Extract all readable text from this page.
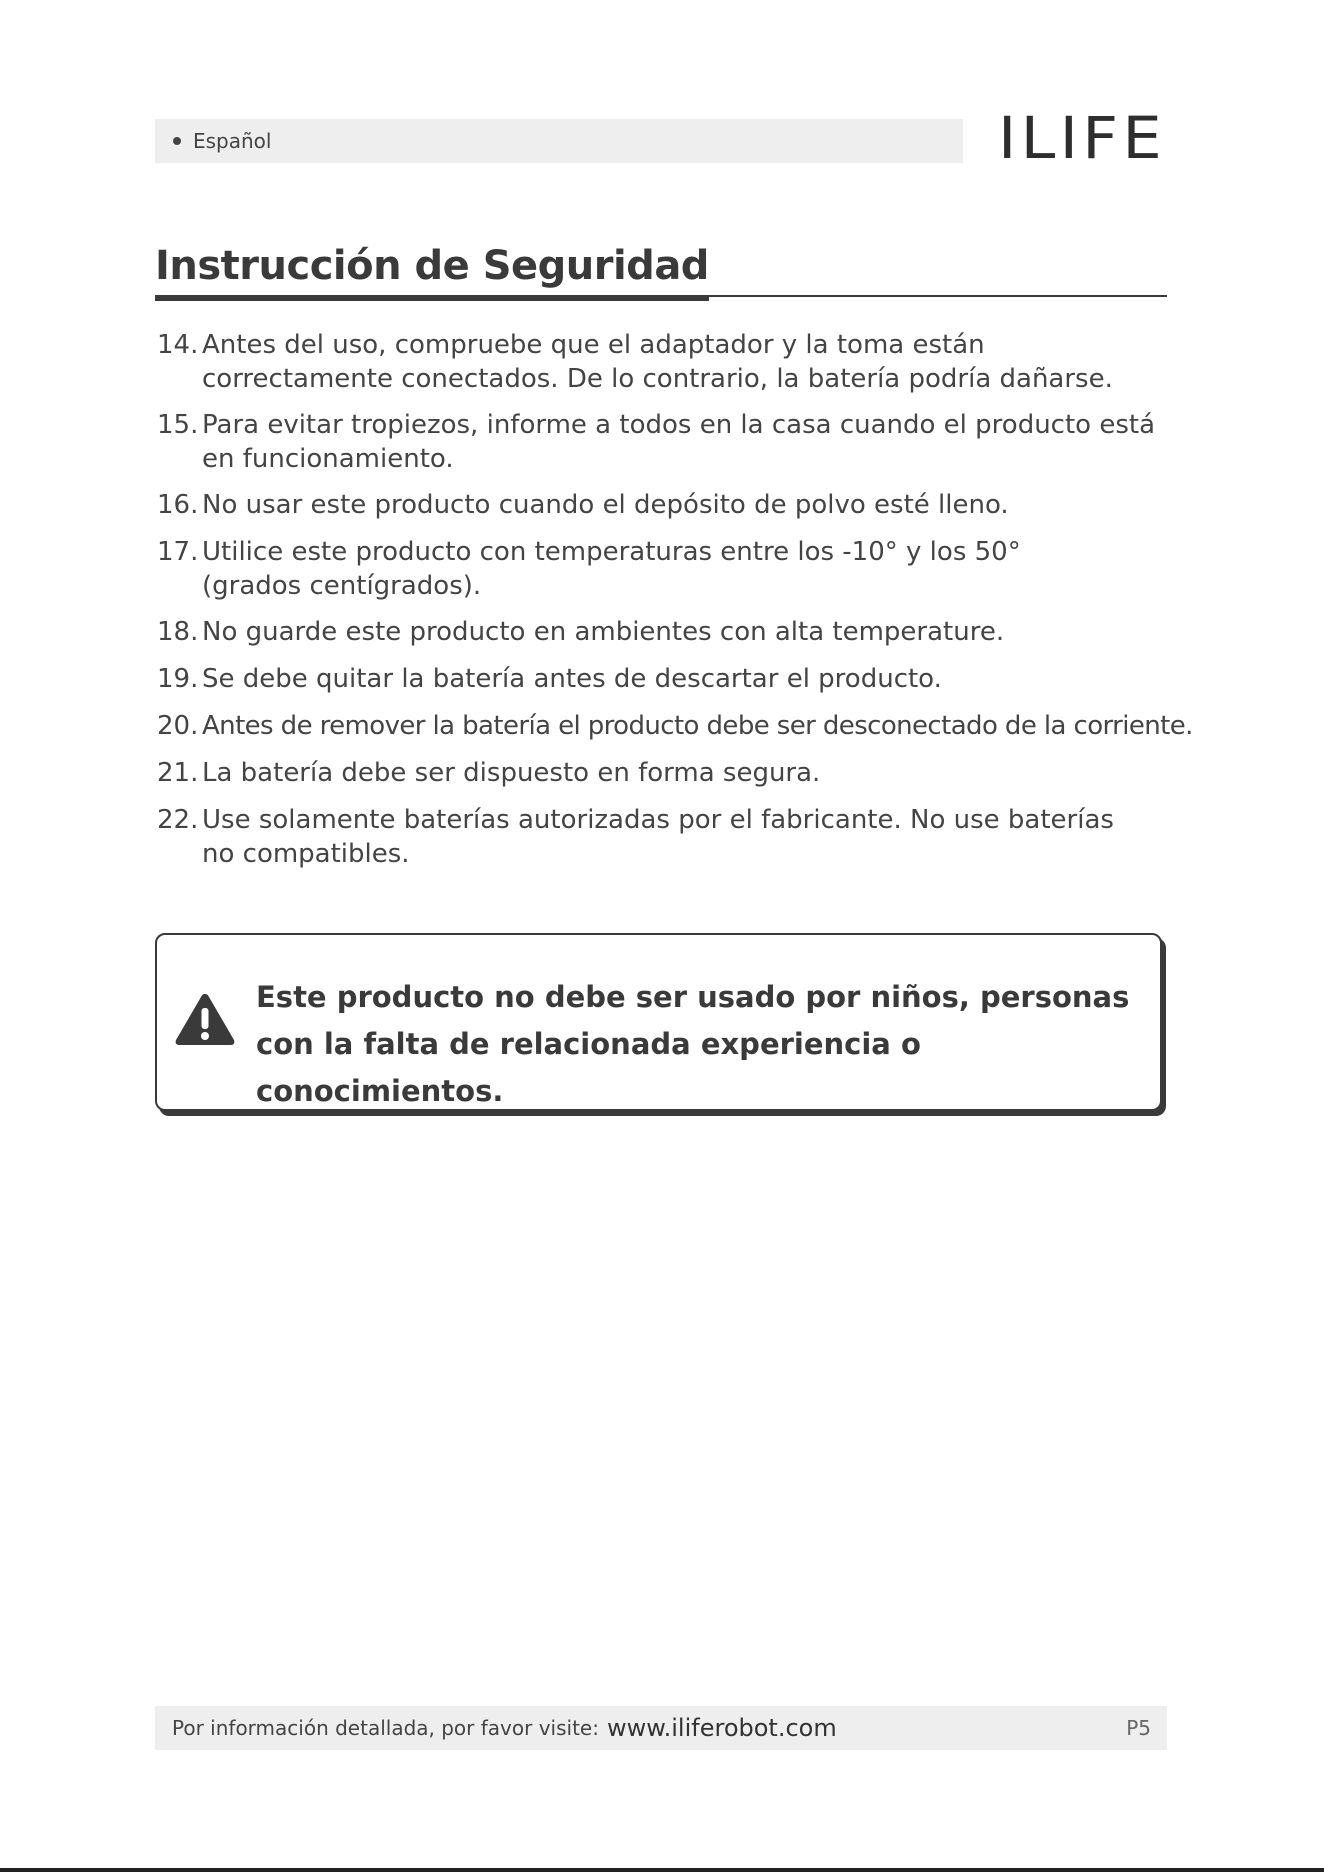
Español	ILIFE
Instrucción de Seguridad
14. Antes del uso, compruebe que el adaptador y la toma están correctamente conectados. De lo contrario, la batería podría dañarse.
15. Para evitar tropiezos, informe a todos en la casa cuando el producto está en funcionamiento.
16. No usar este producto cuando el depósito de polvo esté lleno.
17. Utilice este producto con temperaturas entre los -10° y los 50° (grados centígrados).
18. No guarde este producto en ambientes con alta temperature.
19. Se debe quitar la batería antes de descartar el producto.
20. Antes de remover la batería el producto debe ser desconectado de la corriente.
21. La batería debe ser dispuesto en forma segura.
22. Use solamente baterías autorizadas por el fabricante. No use baterías no compatibles.
Este producto no debe ser usado por niños, personas con la falta de relacionada experiencia o conocimientos.
Por información detallada, por favor visite: www.iliferobot.com	P5
